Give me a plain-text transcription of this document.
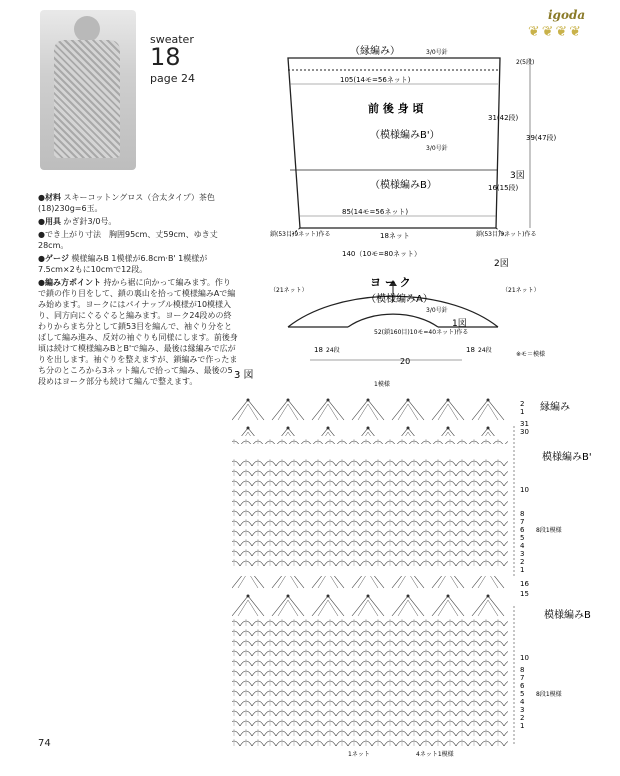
sweater
18
page 24
igoda
❦❦❦❦

●材料 スキーコットングロス（合太タイプ）茶色(18)230g=6玉。

●用具 かぎ針3/0号。

●でき上がり寸法　胸囲95cm、丈59cm、ゆき丈28cm。

●ゲージ 模様編みB 1模様が6.8cm·B' 1模様が7.5cm×2もに10cmで12段。

●編み方ポイント 持から裾に向かって編みます。作りで鎖の作り目をして、鎖の裏山を拾って模様編みAで編み始めます。ヨークにはパイナップル模様が10模様入り、同方向にぐるぐると編みます。ヨーク24段めの終わりからまち分として鎖53目を編んで、袖ぐり分をとばして編み進み、反対の袖ぐりも同様にします。前後身頃は続けて模様編みBとB'で編み、最後は縁編みで広がりを出します。袖ぐりを整えますが、鎖編みで作ったまち分のところから3ネット編んで拾って編み、最後の5段めはヨーク部分も続けて編んで整えます。

（縁編み）	3/0号針
105(14モ=56ネット)
前 後 身 頃
（模様編みB'）
3/0号針
（模様編みB）
85(14モ=56ネット)
2(5段)
31(42段)
39(47段)
16(15段)
3図
鎖(53目)9ネット)作る	18ネット	鎖(53目)9ネット)作る
140（10モ=80ネット）
ヨ ー ク
（模様編みA）
3/0号針
2図
1図
（21ネット）	（21ネット）
52(鎖160目)10モ=40ネット)作る
20
18 24段	18 24段
※モ＝模様
3 図
1模様
2
1
31
30
縁編み
模様編みB'
10
8
7
6
5
4
3
2
1
16
15
8段1模様
模様編みB
10
8
7
6
5
4
3
2
1
8段1模様
1ネット	4ネット1模様
74
